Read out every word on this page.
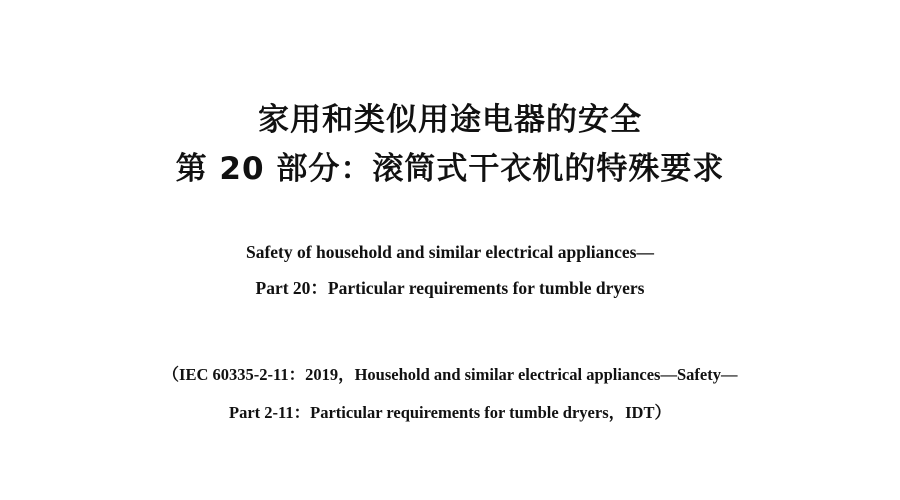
家用和类似用途电器的安全
第 20 部分：滚筒式干衣机的特殊要求
Safety of household and similar electrical appliances—
Part 20：Particular requirements for tumble dryers
（IEC 60335-2-11：2019，Household and similar electrical appliances—Safety—
Part 2-11：Particular requirements for tumble dryers，IDT）
